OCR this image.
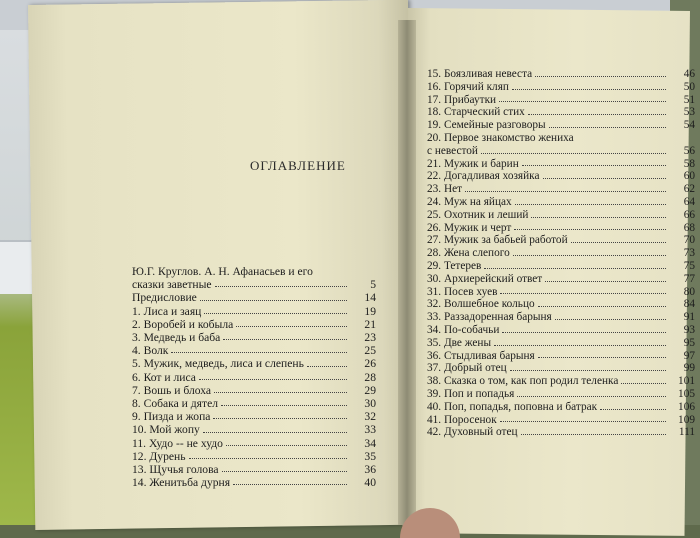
ОГЛАВЛЕНИЕ
Ю.Г. Круглов. А. Н. Афанасьев и его
сказки заветные	5
Предисловие	14
1. Лиса и заяц	19
2. Воробей и кобыла	21
3. Медведь и баба	23
4. Волк	25
5. Мужик, медведь, лиса и слепень	26
6. Кот и лиса	28
7. Вошь и блоха	29
8. Собака и дятел	30
9. Пизда и жопа	32
10. Мой жопу	33
11. Худо -- не худо	34
12. Дурень	35
13. Щучья голова	36
14. Женитьба дурня	40
15. Боязливая невеста	46
16. Горячий кляп	50
17. Прибаутки	51
18. Старческий стих	53
19. Семейные разговоры	54
20. Первое знакомство жениха
с невестой	56
21. Мужик и барин	58
22. Догадливая хозяйка	60
23. Нет	62
24. Муж на яйцах	64
25. Охотник и леший	66
26. Мужик и черт	68
27. Мужик за бабьей работой	70
28. Жена слепого	73
29. Тетерев	75
30. Архиерейский ответ	77
31. Посев хуев	80
32. Волшебное кольцо	84
33. Раззадоренная барыня	91
34. По-собачьи	93
35. Две жены	95
36. Стыдливая барыня	97
37. Добрый отец	99
38. Сказка о том, как поп родил теленка	101
39. Поп и попадья	105
40. Поп, попадья, поповна и батрак	106
41. Поросенок	109
42. Духовный отец	111
